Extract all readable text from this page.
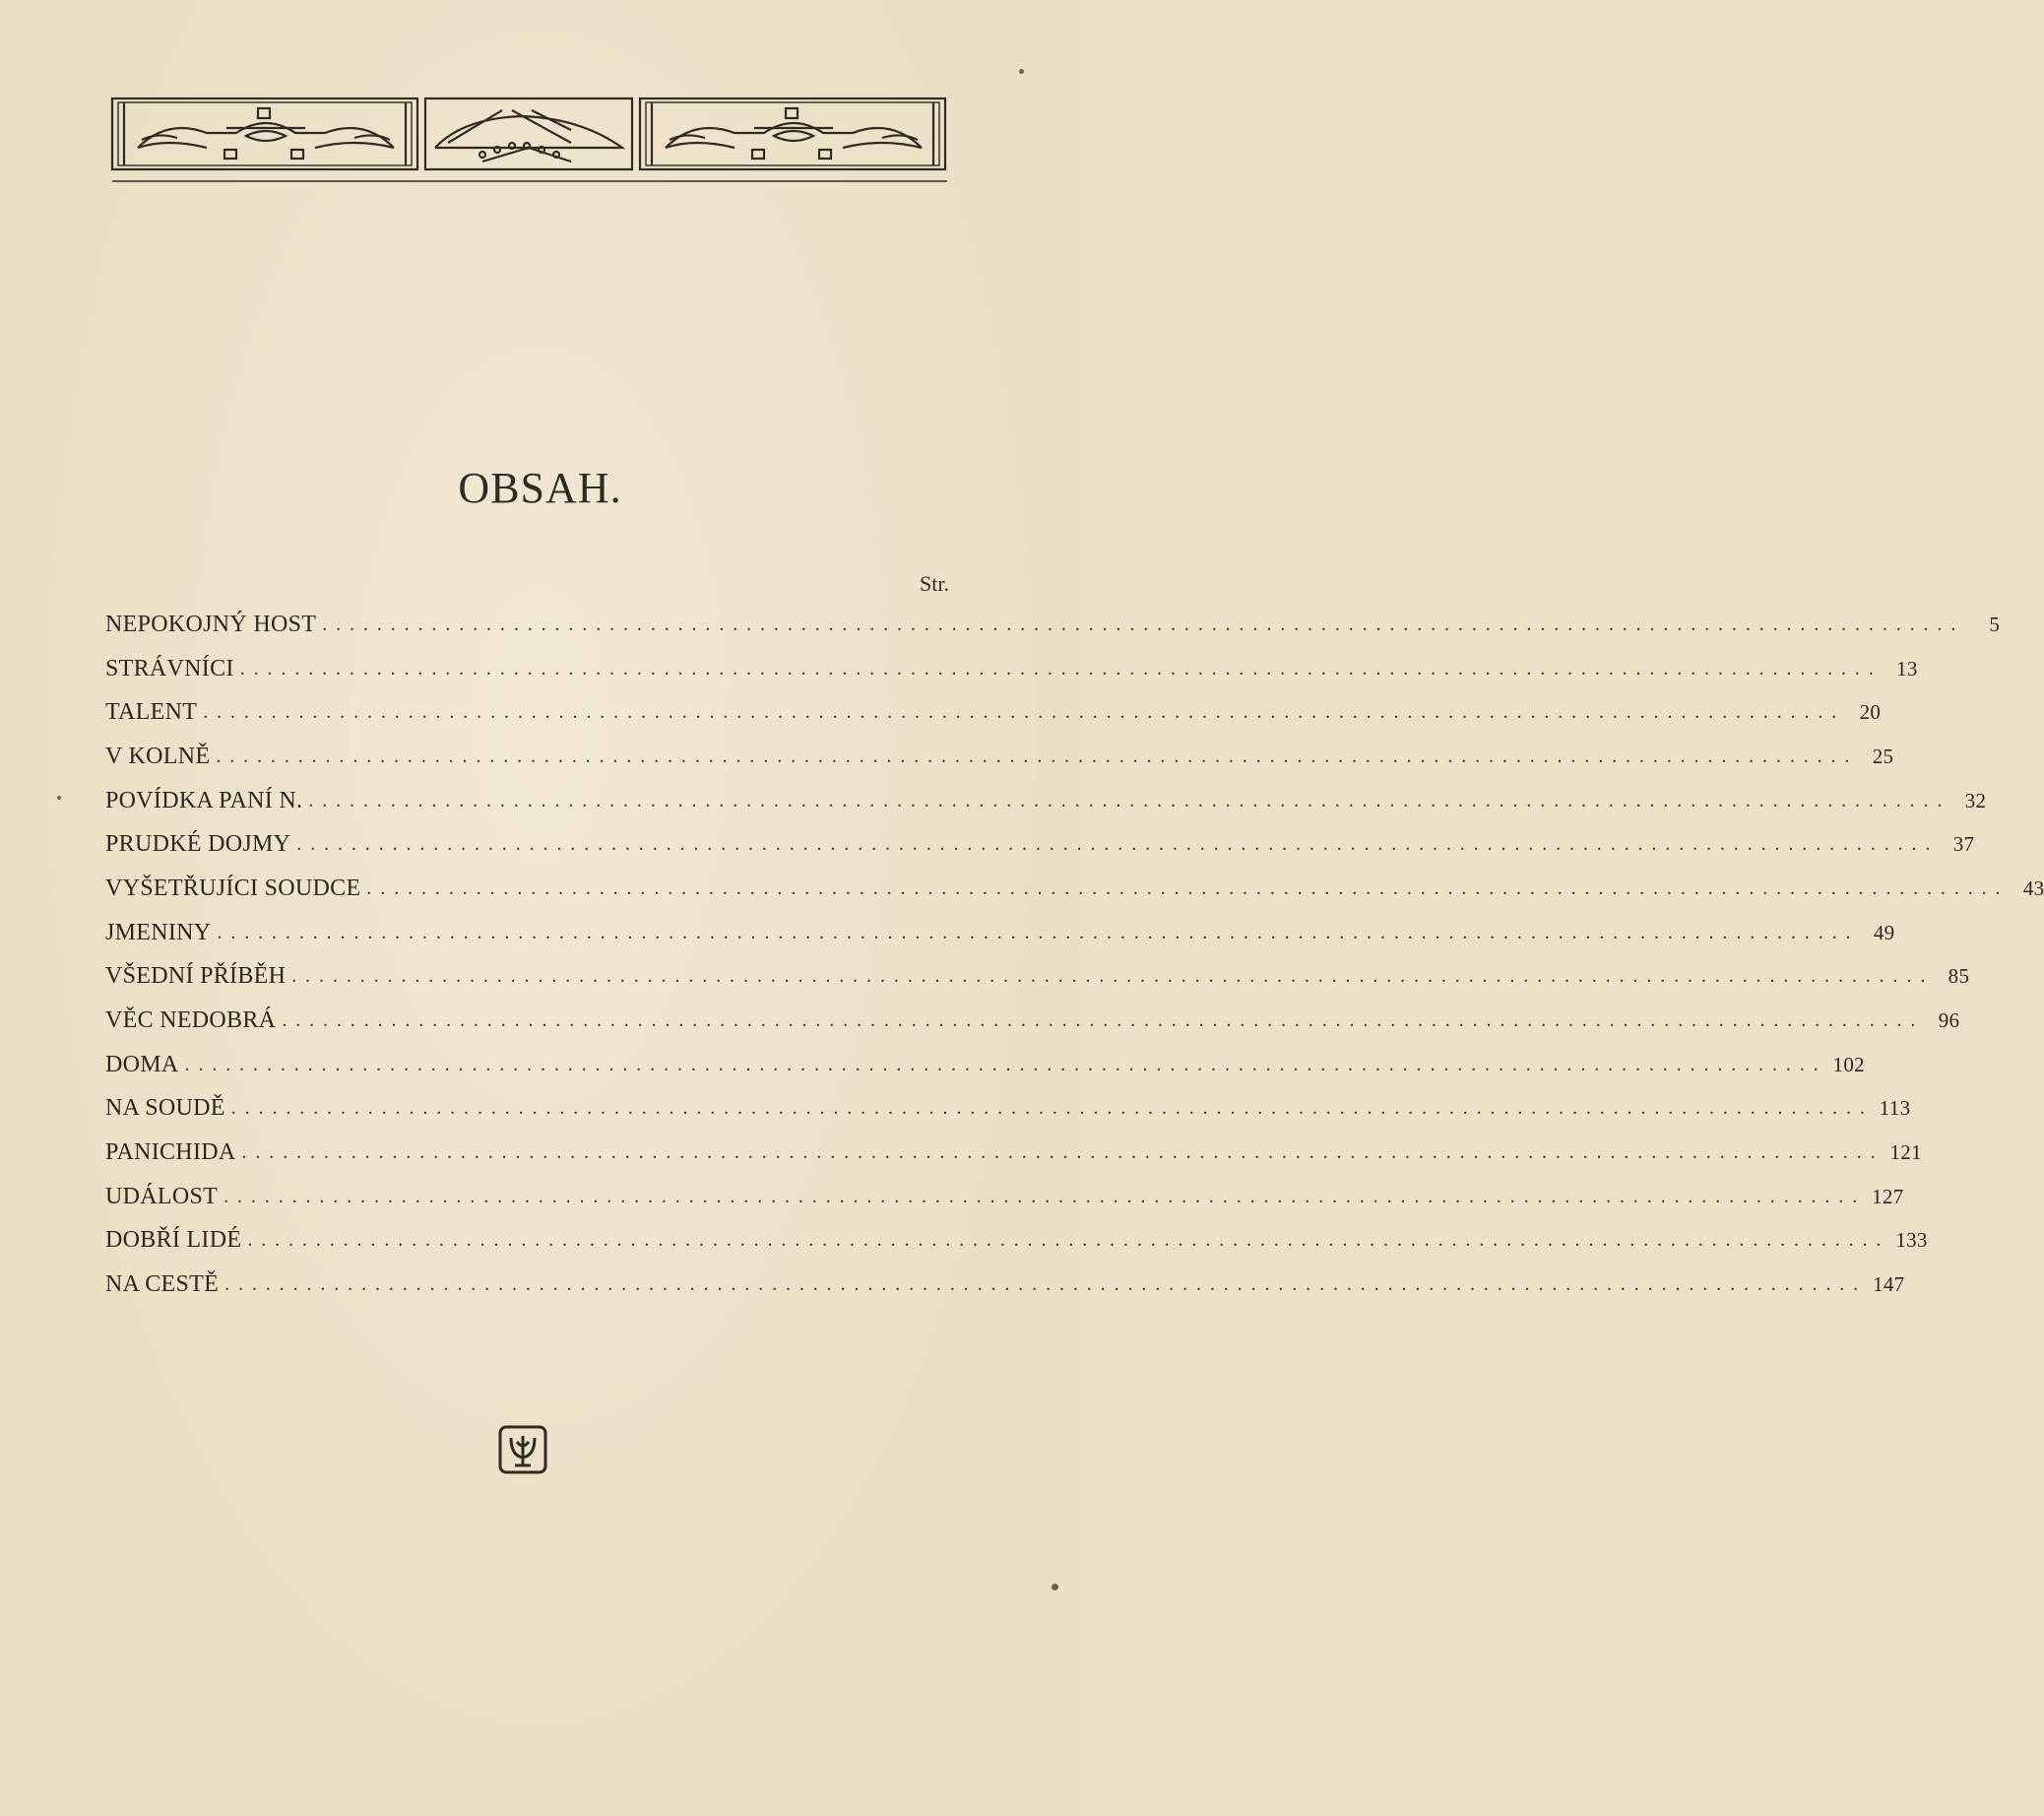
OBSAH.
Str.
NEPOKOJNÝ HOST ........................................................................................................................	5
STRÁVNÍCI ........................................................................................................................ 13
TALENT ........................................................................................................................ 20
V KOLNĚ ........................................................................................................................ 25
POVÍDKA PANÍ N. ........................................................................................................................ 32
PRUDKÉ DOJMY ........................................................................................................................ 37
VYŠETŘUJÍCI SOUDCE ........................................................................................................................ 43
JMENINY ........................................................................................................................ 49
VŠEDNÍ PŘÍBĚH ........................................................................................................................ 85
VĚC NEDOBRÁ ........................................................................................................................ 96
DOMA ........................................................................................................................ 102
NA SOUDĚ ........................................................................................................................ 113
PANICHIDA ........................................................................................................................ 121
UDÁLOST ........................................................................................................................ 127
DOBŘÍ LIDÉ ........................................................................................................................ 133
NA CESTĚ ........................................................................................................................ 147
